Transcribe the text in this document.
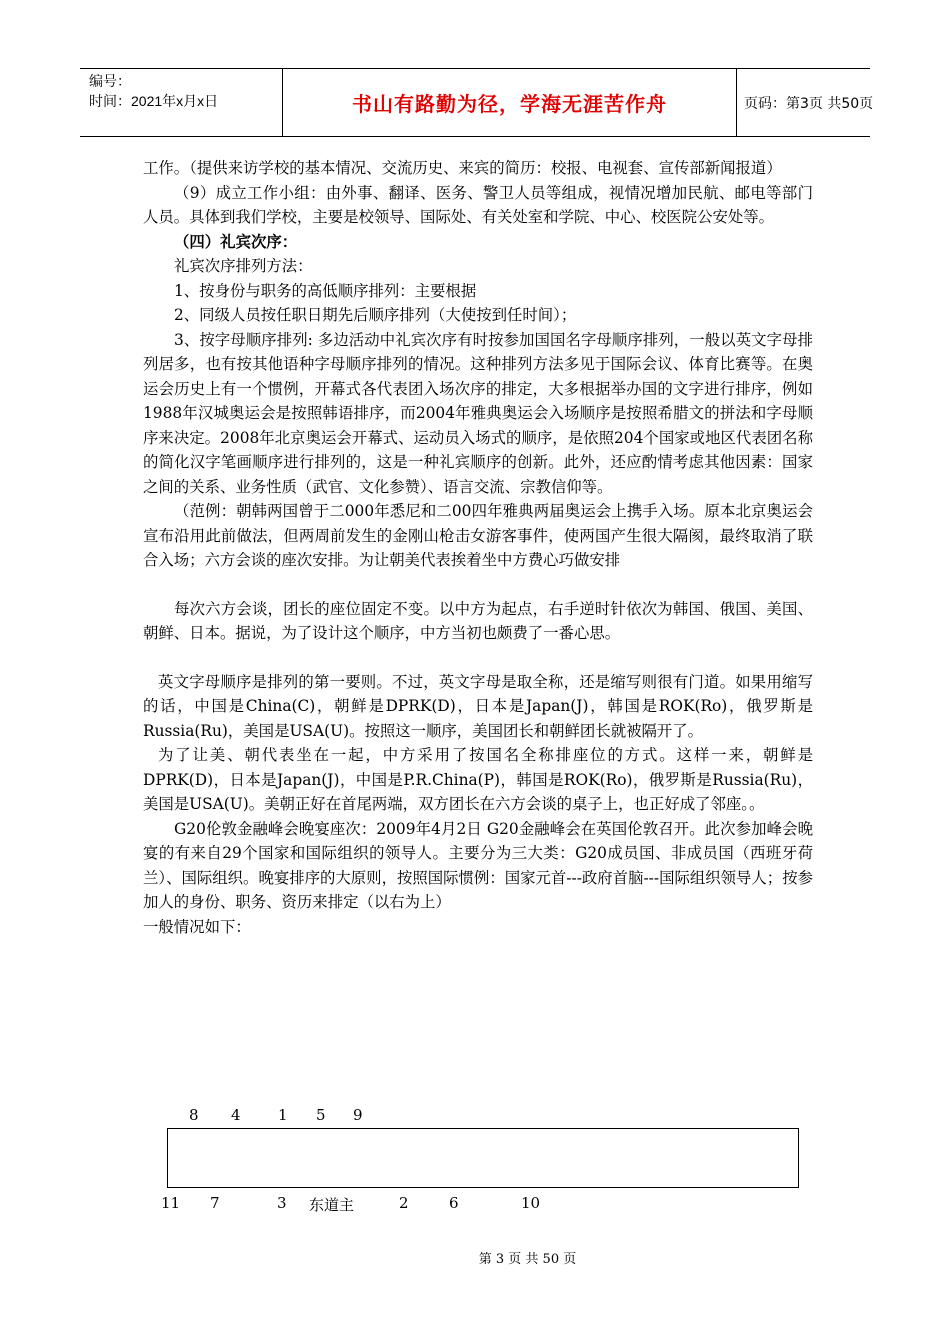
编号：
时间：2021年x月x日	书山有路勤为径，学海无涯苦作舟	页码：第3页 共50页

工作。（提供来访学校的基本情况、交流历史、来宾的简历：校报、电视套、宣传部新闻报道）

（9）成立工作小组：由外事、翻译、医务、警卫人员等组成，视情况增加民航、邮电等部门人员。具体到我们学校，主要是校领导、国际处、有关处室和学院、中心、校医院公安处等。

（四）礼宾次序：

礼宾次序排列方法：

1、按身份与职务的高低顺序排列：主要根据

2、同级人员按任职日期先后顺序排列（大使按到任时间）；

3、按字母顺序排列: 多边活动中礼宾次序有时按参加国国名字母顺序排列，一般以英文字母排列居多，也有按其他语种字母顺序排列的情况。这种排列方法多见于国际会议、体育比赛等。在奥运会历史上有一个惯例，开幕式各代表团入场次序的排定，大多根据举办国的文字进行排序，例如1988年汉城奥运会是按照韩语排序，而2004年雅典奥运会入场顺序是按照希腊文的拼法和字母顺序来决定。2008年北京奥运会开幕式、运动员入场式的顺序，是依照204个国家或地区代表团名称的简化汉字笔画顺序进行排列的，这是一种礼宾顺序的创新。此外，还应酌情考虑其他因素：国家之间的关系、业务性质（武官、文化参赞）、语言交流、宗教信仰等。

（范例：朝韩两国曾于二000年悉尼和二00四年雅典两届奥运会上携手入场。原本北京奥运会宣布沿用此前做法，但两周前发生的金刚山枪击女游客事件，使两国产生很大隔阂，最终取消了联合入场；六方会谈的座次安排。为让朝美代表挨着坐中方费心巧做安排

每次六方会谈，团长的座位固定不变。以中方为起点，右手逆时针依次为韩国、俄国、美国、朝鲜、日本。据说，为了设计这个顺序，中方当初也颇费了一番心思。

英文字母顺序是排列的第一要则。不过，英文字母是取全称，还是缩写则很有门道。如果用缩写的话，中国是China(C)，朝鲜是DPRK(D)，日本是Japan(J)，韩国是ROK(Ro)，俄罗斯是Russia(Ru)，美国是USA(U)。按照这一顺序，美国团长和朝鲜团长就被隔开了。

为了让美、朝代表坐在一起，中方采用了按国名全称排座位的方式。这样一来，朝鲜是DPRK(D)，日本是Japan(J)，中国是P.R.China(P)，韩国是ROK(Ro)，俄罗斯是Russia(Ru)，美国是USA(U)。美朝正好在首尾两端，双方团长在六方会谈的桌子上，也正好成了邻座。。

G20伦敦金融峰会晚宴座次：2009年4月2日 G20金融峰会在英国伦敦召开。此次参加峰会晚宴的有来自29个国家和国际组织的领导人。主要分为三大类：G20成员国、非成员国（西班牙荷兰）、国际组织。晚宴排序的大原则，按照国际惯例：国家元首---政府首脑---国际组织领导人；按参加人的身份、职务、资历来排定（以右为上）

一般情况如下：

8 4 1 5 9
11 7	3 东道主	2	6	10
第 3 页 共 50 页
